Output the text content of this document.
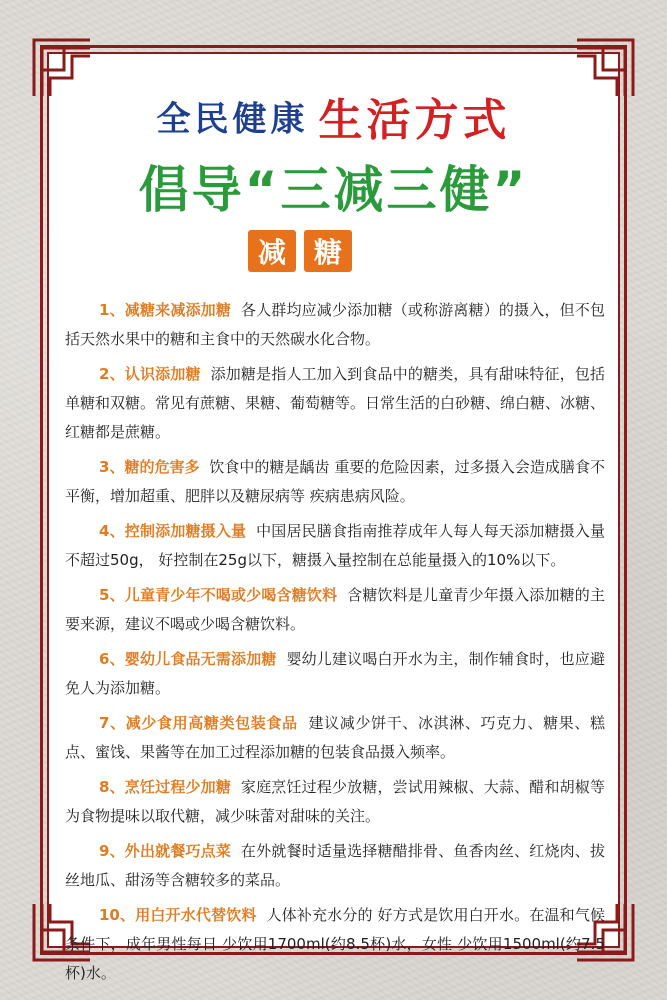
全民健康 生活方式
倡导“三减三健”
减 糖

1、减糖来减添加糖 各人群均应减少添加糖（或称游离糖）的摄入，但不包括天然水果中的糖和主食中的天然碳水化合物。

2、认识添加糖 添加糖是指人工加入到食品中的糖类，具有甜味特征，包括单糖和双糖。常见有蔗糖、果糖、葡萄糖等。日常生活的白砂糖、绵白糖、冰糖、红糖都是蔗糖。

3、糖的危害多 饮食中的糖是龋齿 重要的危险因素，过多摄入会造成膳食不平衡，增加超重、肥胖以及糖尿病等 疾病患病风险。

4、控制添加糖摄入量 中国居民膳食指南推荐成年人每人每天添加糖摄入量不超过50g， 好控制在25g以下，糖摄入量控制在总能量摄入的10%以下。

5、儿童青少年不喝或少喝含糖饮料 含糖饮料是儿童青少年摄入添加糖的主要来源，建议不喝或少喝含糖饮料。

6、婴幼儿食品无需添加糖 婴幼儿建议喝白开水为主，制作辅食时，也应避免人为添加糖。

7、减少食用高糖类包装食品 建议减少饼干、冰淇淋、巧克力、糖果、糕点、蜜饯、果酱等在加工过程添加糖的包装食品摄入频率。

8、烹饪过程少加糖 家庭烹饪过程少放糖，尝试用辣椒、大蒜、醋和胡椒等为食物提味以取代糖，减少味蕾对甜味的关注。

9、外出就餐巧点菜 在外就餐时适量选择糖醋排骨、鱼香肉丝、红烧肉、拔丝地瓜、甜汤等含糖较多的菜品。

10、用白开水代替饮料 人体补充水分的 好方式是饮用白开水。在温和气候条件下，成年男性每日 少饮用1700ml(约8.5杯)水，女性 少饮用1500ml(约7.5杯)水。
